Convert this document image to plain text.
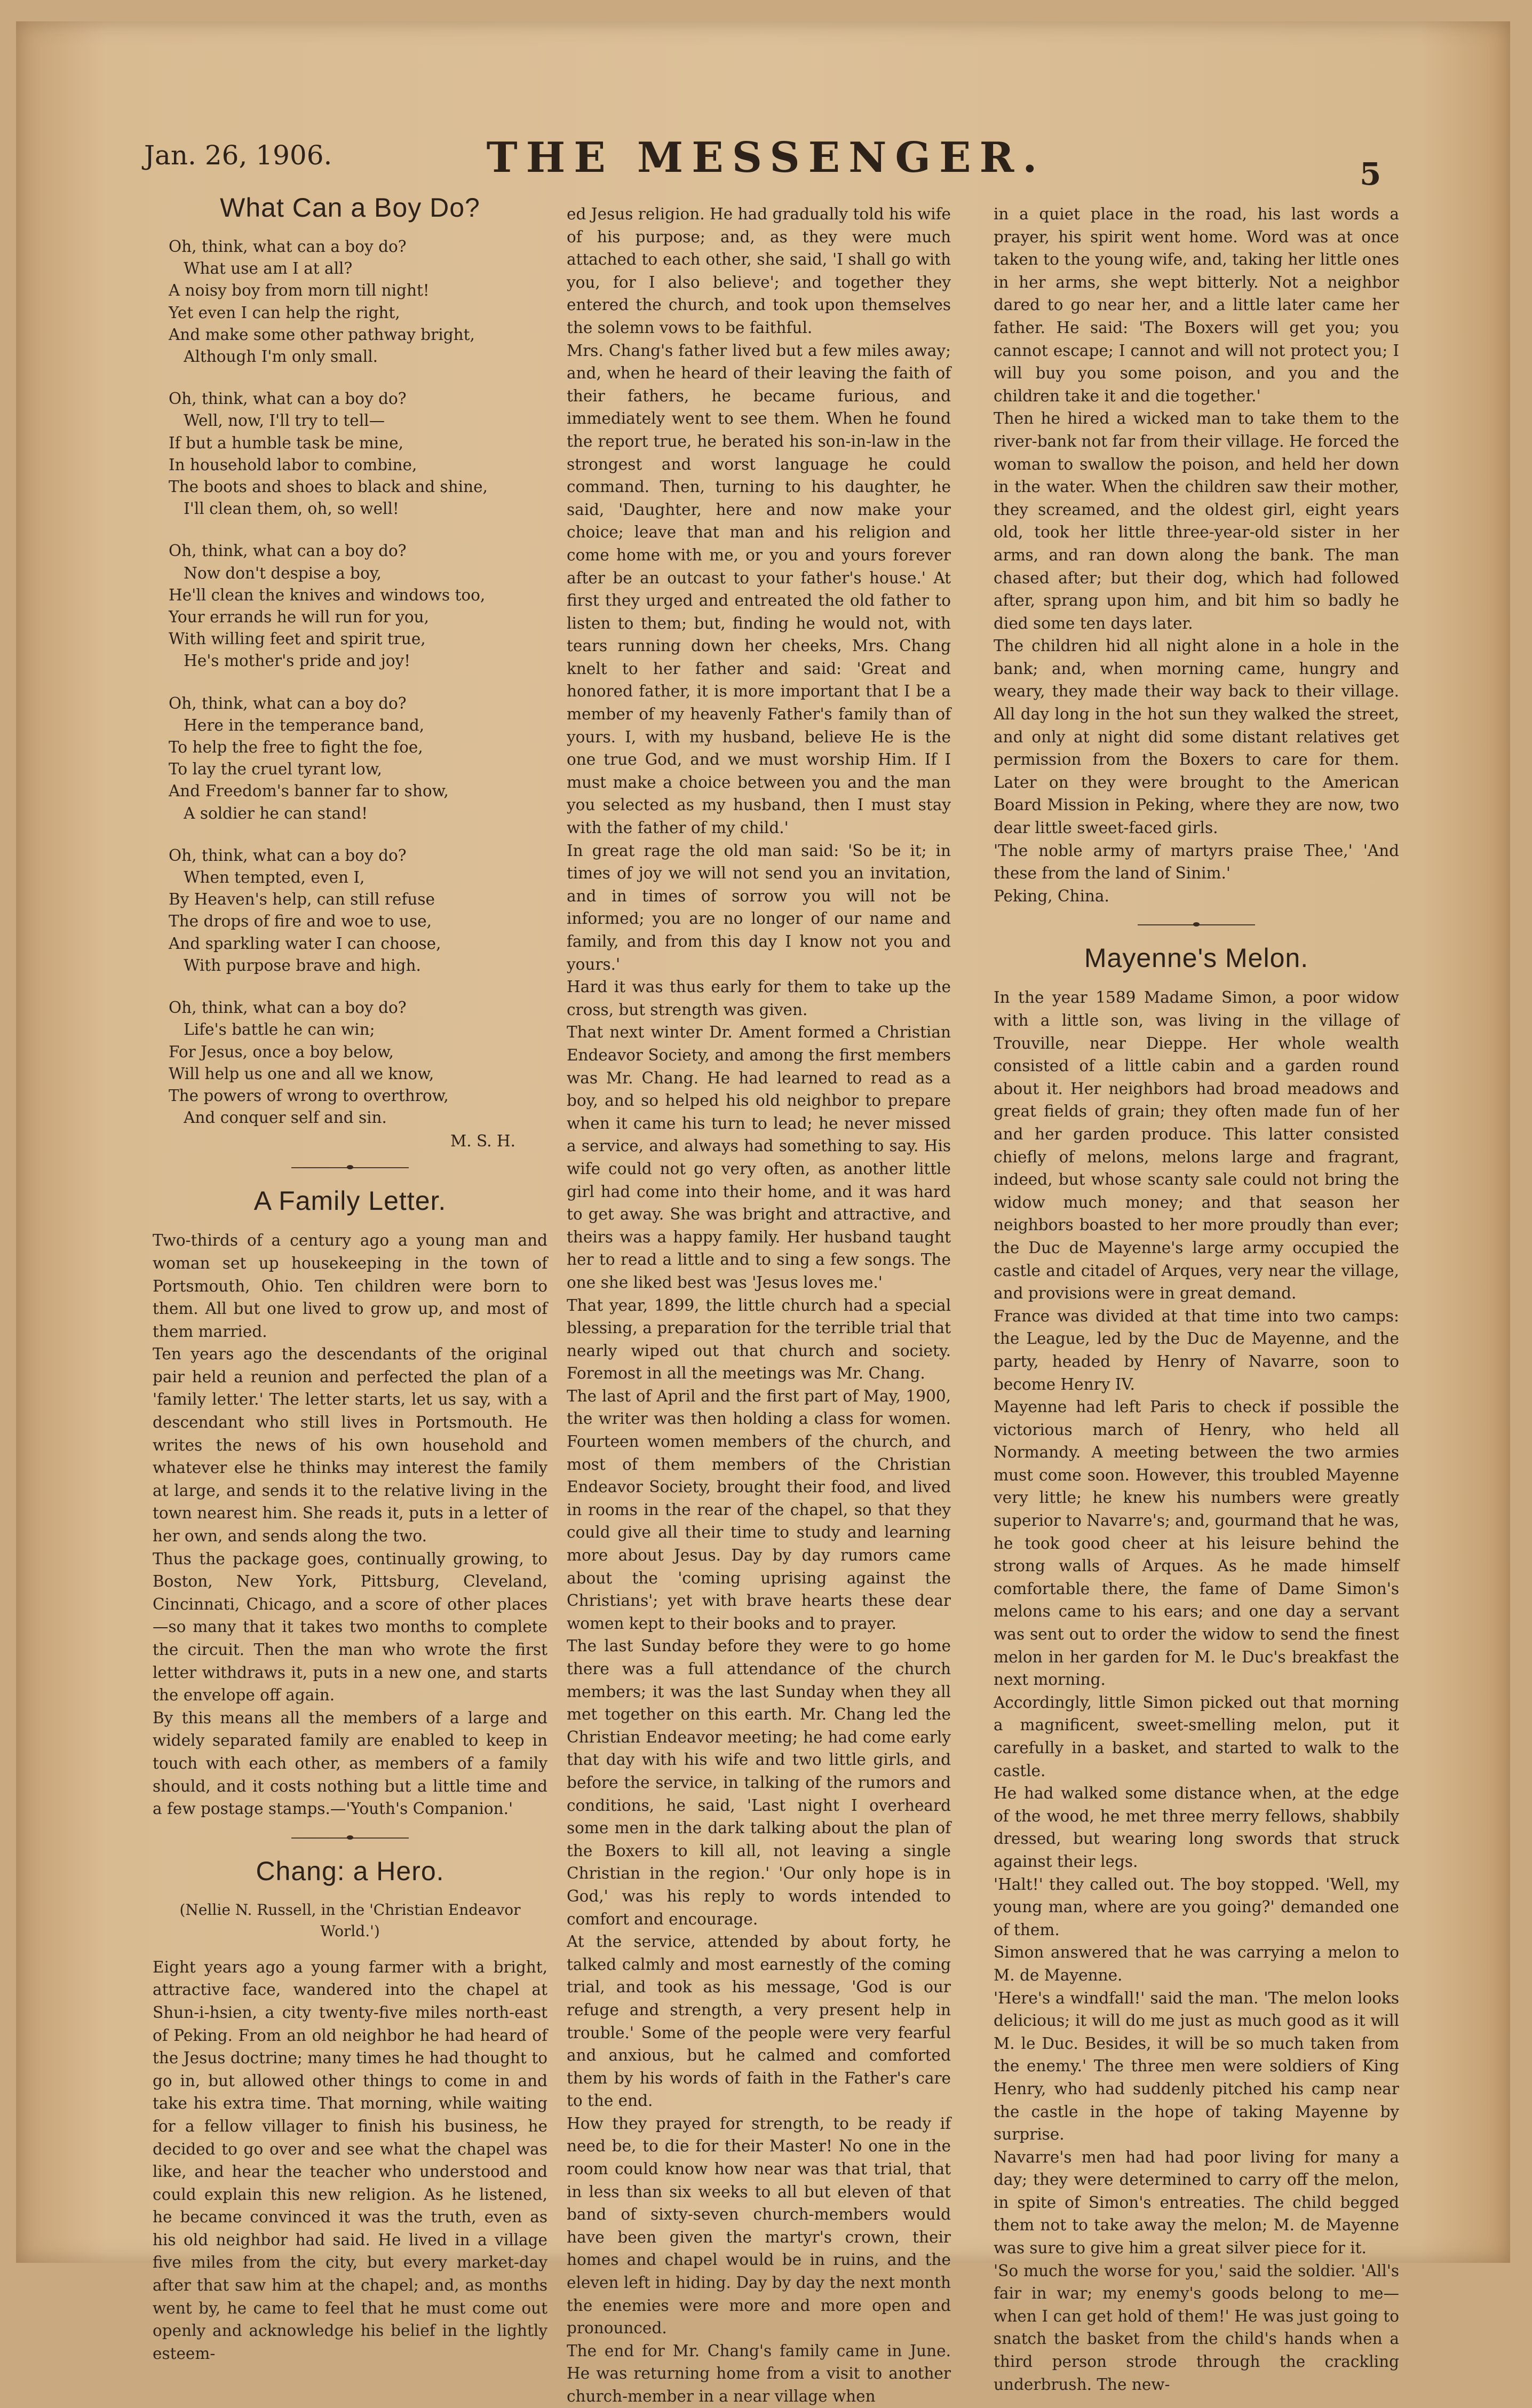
Jan. 26, 1906.	THE MESSENGER.	5
What Can a Boy Do?
Oh, think, what can a boy do?
What use am I at all?
A noisy boy from morn till night!
Yet even I can help the right,
And make some other pathway bright,
Although I'm only small.
Oh, think, what can a boy do?
Well, now, I'll try to tell—
If but a humble task be mine,
In household labor to combine,
The boots and shoes to black and shine,
I'll clean them, oh, so well!
Oh, think, what can a boy do?
Now don't despise a boy,
He'll clean the knives and windows too,
Your errands he will run for you,
With willing feet and spirit true,
He's mother's pride and joy!
Oh, think, what can a boy do?
Here in the temperance band,
To help the free to fight the foe,
To lay the cruel tyrant low,
And Freedom's banner far to show,
A soldier he can stand!
Oh, think, what can a boy do?
When tempted, even I,
By Heaven's help, can still refuse
The drops of fire and woe to use,
And sparkling water I can choose,
With purpose brave and high.
Oh, think, what can a boy do?
Life's battle he can win;
For Jesus, once a boy below,
Will help us one and all we know,
The powers of wrong to overthrow,
And conquer self and sin.
M. S. H.
A Family Letter.
Two-thirds of a century ago a young man and woman set up housekeeping in the town of Portsmouth, Ohio. Ten children were born to them. All but one lived to grow up, and most of them married.
Ten years ago the descendants of the original pair held a reunion and perfected the plan of a 'family letter.' The letter starts, let us say, with a descendant who still lives in Portsmouth. He writes the news of his own household and whatever else he thinks may interest the family at large, and sends it to the relative living in the town nearest him. She reads it, puts in a letter of her own, and sends along the two.
Thus the package goes, continually growing, to Boston, New York, Pittsburg, Cleveland, Cincinnati, Chicago, and a score of other places—so many that it takes two months to complete the circuit. Then the man who wrote the first letter withdraws it, puts in a new one, and starts the envelope off again.
By this means all the members of a large and widely separated family are enabled to keep in touch with each other, as members of a family should, and it costs nothing but a little time and a few postage stamps.—'Youth's Companion.'
Chang: a Hero.
(Nellie N. Russell, in the 'Christian Endeavor World.')
Eight years ago a young farmer with a bright, attractive face, wandered into the chapel at Shun-i-hsien, a city twenty-five miles north-east of Peking. From an old neighbor he had heard of the Jesus doctrine; many times he had thought to go in, but allowed other things to come in and take his extra time. That morning, while waiting for a fellow villager to finish his business, he decided to go over and see what the chapel was like, and hear the teacher who understood and could explain this new religion. As he listened, he became convinced it was the truth, even as his old neighbor had said. He lived in a village five miles from the city, but every market-day after that saw him at the chapel; and, as months went by, he came to feel that he must come out openly and acknowledge his belief in the lightly esteem-
ed Jesus religion. He had gradually told his wife of his purpose; and, as they were much attached to each other, she said, 'I shall go with you, for I also believe'; and together they entered the church, and took upon themselves the solemn vows to be faithful.
Mrs. Chang's father lived but a few miles away; and, when he heard of their leaving the faith of their fathers, he became furious, and immediately went to see them. When he found the report true, he berated his son-in-law in the strongest and worst language he could command. Then, turning to his daughter, he said, 'Daughter, here and now make your choice; leave that man and his religion and come home with me, or you and yours forever after be an outcast to your father's house.' At first they urged and entreated the old father to listen to them; but, finding he would not, with tears running down her cheeks, Mrs. Chang knelt to her father and said: 'Great and honored father, it is more important that I be a member of my heavenly Father's family than of yours. I, with my husband, believe He is the one true God, and we must worship Him. If I must make a choice between you and the man you selected as my husband, then I must stay with the father of my child.'
In great rage the old man said: 'So be it; in times of joy we will not send you an invitation, and in times of sorrow you will not be informed; you are no longer of our name and family, and from this day I know not you and yours.'
Hard it was thus early for them to take up the cross, but strength was given.
That next winter Dr. Ament formed a Christian Endeavor Society, and among the first members was Mr. Chang. He had learned to read as a boy, and so helped his old neighbor to prepare when it came his turn to lead; he never missed a service, and always had something to say. His wife could not go very often, as another little girl had come into their home, and it was hard to get away. She was bright and attractive, and theirs was a happy family. Her husband taught her to read a little and to sing a few songs. The one she liked best was 'Jesus loves me.'
That year, 1899, the little church had a special blessing, a preparation for the terrible trial that nearly wiped out that church and society. Foremost in all the meetings was Mr. Chang.
The last of April and the first part of May, 1900, the writer was then holding a class for women. Fourteen women members of the church, and most of them members of the Christian Endeavor Society, brought their food, and lived in rooms in the rear of the chapel, so that they could give all their time to study and learning more about Jesus. Day by day rumors came about the 'coming uprising against the Christians'; yet with brave hearts these dear women kept to their books and to prayer.
The last Sunday before they were to go home there was a full attendance of the church members; it was the last Sunday when they all met together on this earth. Mr. Chang led the Christian Endeavor meeting; he had come early that day with his wife and two little girls, and before the service, in talking of the rumors and conditions, he said, 'Last night I overheard some men in the dark talking about the plan of the Boxers to kill all, not leaving a single Christian in the region.' 'Our only hope is in God,' was his reply to words intended to comfort and encourage.
At the service, attended by about forty, he talked calmly and most earnestly of the coming trial, and took as his message, 'God is our refuge and strength, a very present help in trouble.' Some of the people were very fearful and anxious, but he calmed and comforted them by his words of faith in the Father's care to the end.
How they prayed for strength, to be ready if need be, to die for their Master! No one in the room could know how near was that trial, that in less than six weeks to all but eleven of that band of sixty-seven church-members would have been given the martyr's crown, their homes and chapel would be in ruins, and the eleven left in hiding. Day by day the next month the enemies were more and more open and pronounced.
The end for Mr. Chang's family came in June. He was returning home from a visit to another church-member in a near village when
in a quiet place in the road, his last words a prayer, his spirit went home. Word was at once taken to the young wife, and, taking her little ones in her arms, she wept bitterly. Not a neighbor dared to go near her, and a little later came her father. He said: 'The Boxers will get you; you cannot escape; I cannot and will not protect you; I will buy you some poison, and you and the children take it and die together.'
Then he hired a wicked man to take them to the river-bank not far from their village. He forced the woman to swallow the poison, and held her down in the water. When the children saw their mother, they screamed, and the oldest girl, eight years old, took her little three-year-old sister in her arms, and ran down along the bank. The man chased after; but their dog, which had followed after, sprang upon him, and bit him so badly he died some ten days later.
The children hid all night alone in a hole in the bank; and, when morning came, hungry and weary, they made their way back to their village. All day long in the hot sun they walked the street, and only at night did some distant relatives get permission from the Boxers to care for them. Later on they were brought to the American Board Mission in Peking, where they are now, two dear little sweet-faced girls.
'The noble army of martyrs praise Thee,' 'And these from the land of Sinim.'
Peking, China.
Mayenne's Melon.
In the year 1589 Madame Simon, a poor widow with a little son, was living in the village of Trouville, near Dieppe. Her whole wealth consisted of a little cabin and a garden round about it. Her neighbors had broad meadows and great fields of grain; they often made fun of her and her garden produce. This latter consisted chiefly of melons, melons large and fragrant, indeed, but whose scanty sale could not bring the widow much money; and that season her neighbors boasted to her more proudly than ever; the Duc de Mayenne's large army occupied the castle and citadel of Arques, very near the village, and provisions were in great demand.
France was divided at that time into two camps: the League, led by the Duc de Mayenne, and the party, headed by Henry of Navarre, soon to become Henry IV.
Mayenne had left Paris to check if possible the victorious march of Henry, who held all Normandy. A meeting between the two armies must come soon. However, this troubled Mayenne very little; he knew his numbers were greatly superior to Navarre's; and, gourmand that he was, he took good cheer at his leisure behind the strong walls of Arques. As he made himself comfortable there, the fame of Dame Simon's melons came to his ears; and one day a servant was sent out to order the widow to send the finest melon in her garden for M. le Duc's breakfast the next morning.
Accordingly, little Simon picked out that morning a magnificent, sweet-smelling melon, put it carefully in a basket, and started to walk to the castle.
He had walked some distance when, at the edge of the wood, he met three merry fellows, shabbily dressed, but wearing long swords that struck against their legs.
'Halt!' they called out. The boy stopped. 'Well, my young man, where are you going?' demanded one of them.
Simon answered that he was carrying a melon to M. de Mayenne.
'Here's a windfall!' said the man. 'The melon looks delicious; it will do me just as much good as it will M. le Duc. Besides, it will be so much taken from the enemy.' The three men were soldiers of King Henry, who had suddenly pitched his camp near the castle in the hope of taking Mayenne by surprise.
Navarre's men had had poor living for many a day; they were determined to carry off the melon, in spite of Simon's entreaties. The child begged them not to take away the melon; M. de Mayenne was sure to give him a great silver piece for it.
'So much the worse for you,' said the soldier. 'All's fair in war; my enemy's goods belong to me—when I can get hold of them!' He was just going to snatch the basket from the child's hands when a third person strode through the crackling underbrush. The new-
